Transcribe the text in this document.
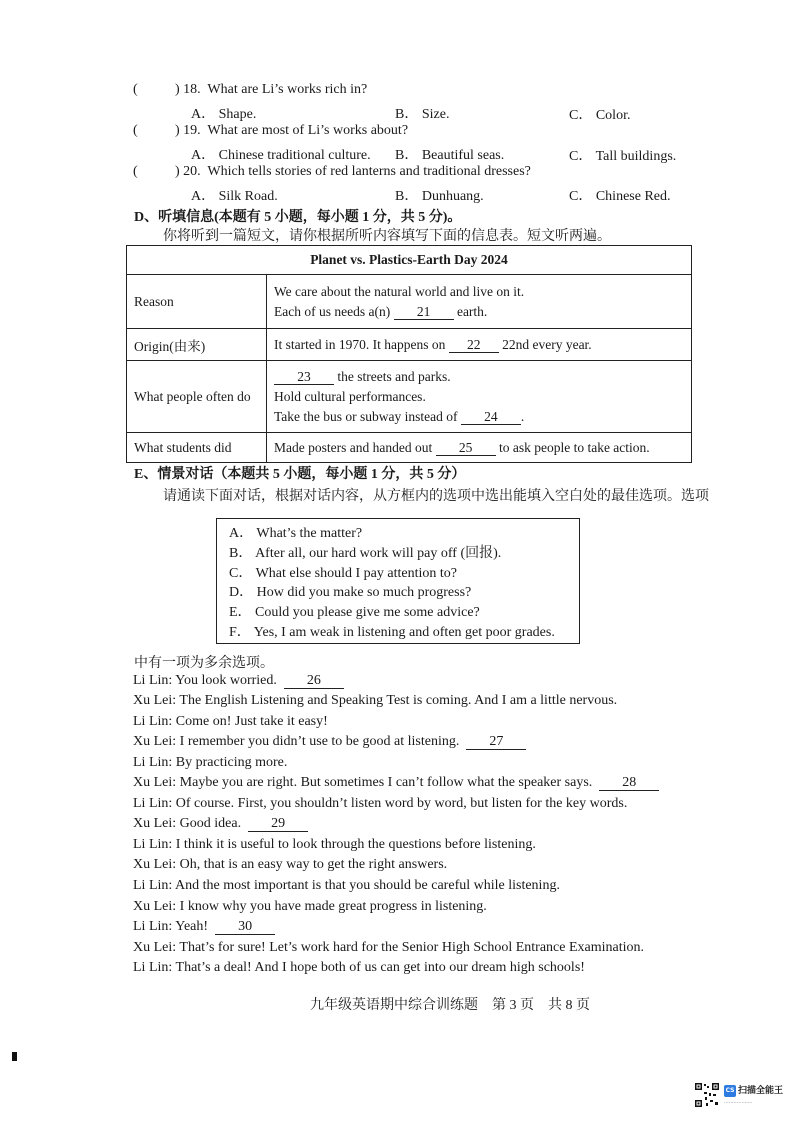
(	) 18. What are Li’s works rich in?
A． Shape.	B． Size.	C． Color.
(	) 19. What are most of Li’s works about?
A． Chinese traditional culture. B． Beautiful seas.	C． Tall buildings.
(	) 20. Which tells stories of red lanterns and traditional dresses?
A． Silk Road.	B． Dunhuang.	C． Chinese Red.
D、听填信息(本题有 5 小题，每小题 1 分，共 5 分)。
你将听到一篇短文，请你根据所听内容填写下面的信息表。短文听两遍。
Planet vs. Plastics-Earth Day 2024	
Reason	We care about the natural world and live on it.
Each of us needs a(n) 21 earth.

Origin(由来)	It started in 1970. It happens on 22 22nd every year.
What people often do	23 the streets and parks.
Hold cultural performances.
Take the bus or subway instead of 24 .

What students did	Made posters and handed out 25 to ask people to take action.
E、情景对话（本题共 5 小题，每小题 1 分，共 5 分）
请通读下面对话，根据对话内容，从方框内的选项中选出能填入空白处的最佳选项。选项
A． What’s the matter?
B． After all, our hard work will pay off (回报).
C． What else should I pay attention to?
D． How did you make so much progress?
E． Could you please give me some advice?
F． Yes, I am weak in listening and often get poor grades.
中有一项为多余选项。
Li Lin: You look worried. 26
Xu Lei: The English Listening and Speaking Test is coming. And I am a little nervous.
Li Lin: Come on! Just take it easy!
Xu Lei: I remember you didn’t use to be good at listening. 27
Li Lin: By practicing more.
Xu Lei: Maybe you are right. But sometimes I can’t follow what the speaker says. 28
Li Lin: Of course. First, you shouldn’t listen word by word, but listen for the key words.
Xu Lei: Good idea. 29
Li Lin: I think it is useful to look through the questions before listening.
Xu Lei: Oh, that is an easy way to get the right answers.
Li Lin: And the most important is that you should be careful while listening.
Xu Lei: I know why you have made great progress in listening.
Li Lin: Yeah! 30
Xu Lei: That’s for sure! Let’s work hard for the Senior High School Entrance Examination.
Li Lin: That’s a deal! And I hope both of us can get into our dream high schools!
九年级英语期中综合训练题　第 3 页　共 8 页
CS 扫描全能王
··················
